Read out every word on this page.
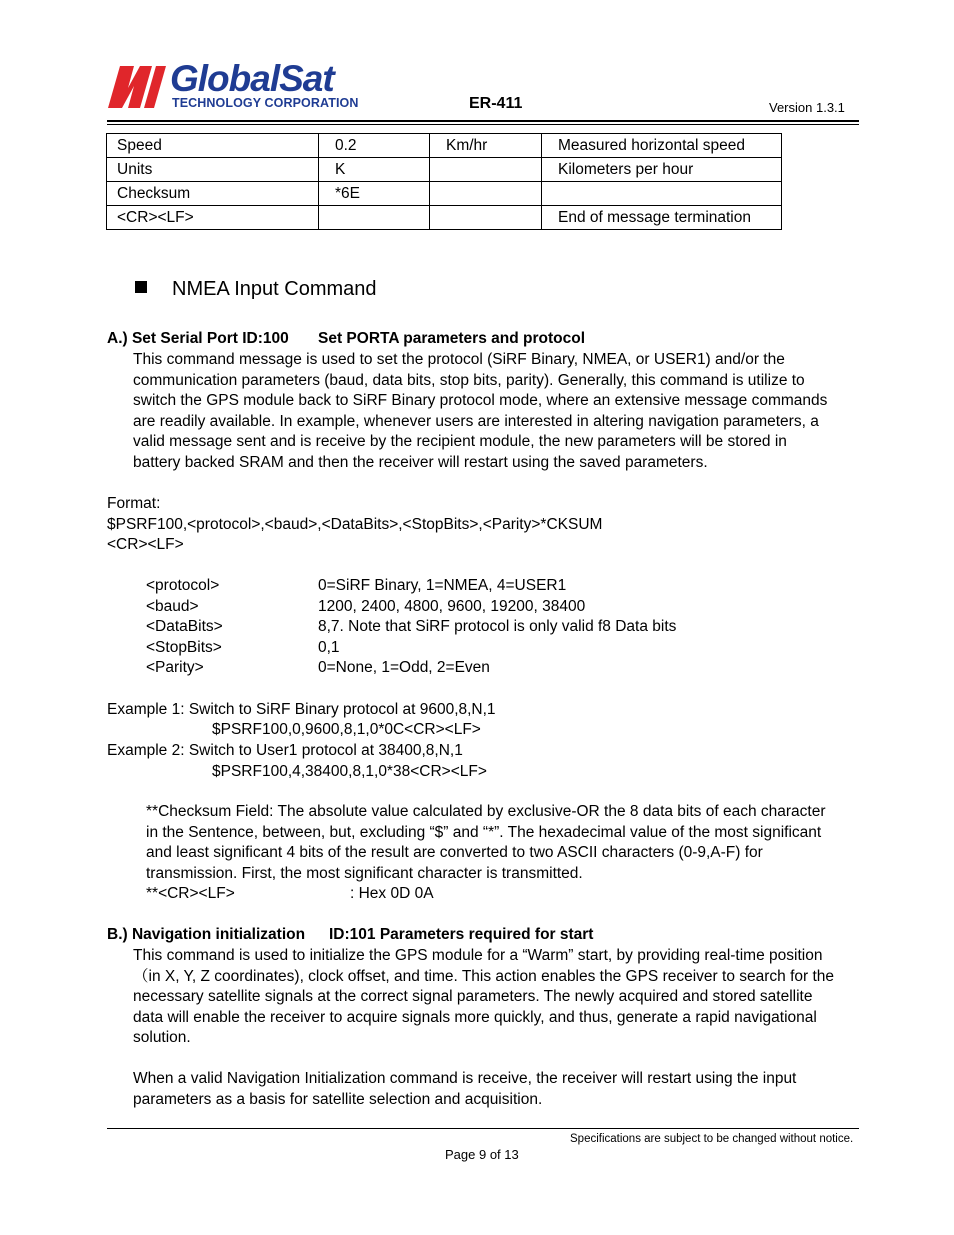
GlobalSat
TECHNOLOGY CORPORATION	ER-411	Version 1.3.1
Speed	0.2	Km/hr	Measured horizontal speed
Units	K		Kilometers per hour
Checksum	*6E		
<CR><LF>			End of message termination
NMEA Input Command
A.) Set Serial Port ID:100 Set PORTA parameters and protocol
This command message is used to set the protocol (SiRF Binary, NMEA, or USER1) and/or the
communication parameters (baud, data bits, stop bits, parity). Generally, this command is utilize to
switch the GPS module back to SiRF Binary protocol mode, where an extensive message commands
are readily available. In example, whenever users are interested in altering navigation parameters, a
valid message sent and is receive by the recipient module, the new parameters will be stored in
battery backed SRAM and then the receiver will restart using the saved parameters.
Format:
$PSRF100,<protocol>,<baud>,<DataBits>,<StopBits>,<Parity>*CKSUM
<CR><LF>
<protocol>	0=SiRF Binary, 1=NMEA, 4=USER1
<baud>	1200, 2400, 4800, 9600, 19200, 38400
<DataBits>	8,7. Note that SiRF protocol is only valid f8 Data bits
<StopBits>	0,1
<Parity>	0=None, 1=Odd, 2=Even
Example 1: Switch to SiRF Binary protocol at 9600,8,N,1
$PSRF100,0,9600,8,1,0*0C<CR><LF>
Example 2: Switch to User1 protocol at 38400,8,N,1
$PSRF100,4,38400,8,1,0*38<CR><LF>
**Checksum Field: The absolute value calculated by exclusive-OR the 8 data bits of each character
in the Sentence, between, but, excluding “$” and “*”. The hexadecimal value of the most significant
and least significant 4 bits of the result are converted to two ASCII characters (0-9,A-F) for
transmission. First, the most significant character is transmitted.
**<CR><LF>	: Hex 0D 0A
B.) Navigation initialization ID:101 Parameters required for start
This command is used to initialize the GPS module for a “Warm” start, by providing real-time position
（in X, Y, Z coordinates), clock offset, and time. This action enables the GPS receiver to search for the
necessary satellite signals at the correct signal parameters. The newly acquired and stored satellite
data will enable the receiver to acquire signals more quickly, and thus, generate a rapid navigational
solution.
When a valid Navigation Initialization command is receive, the receiver will restart using the input
parameters as a basis for satellite selection and acquisition.
Specifications are subject to be changed without notice.
Page 9 of 13
